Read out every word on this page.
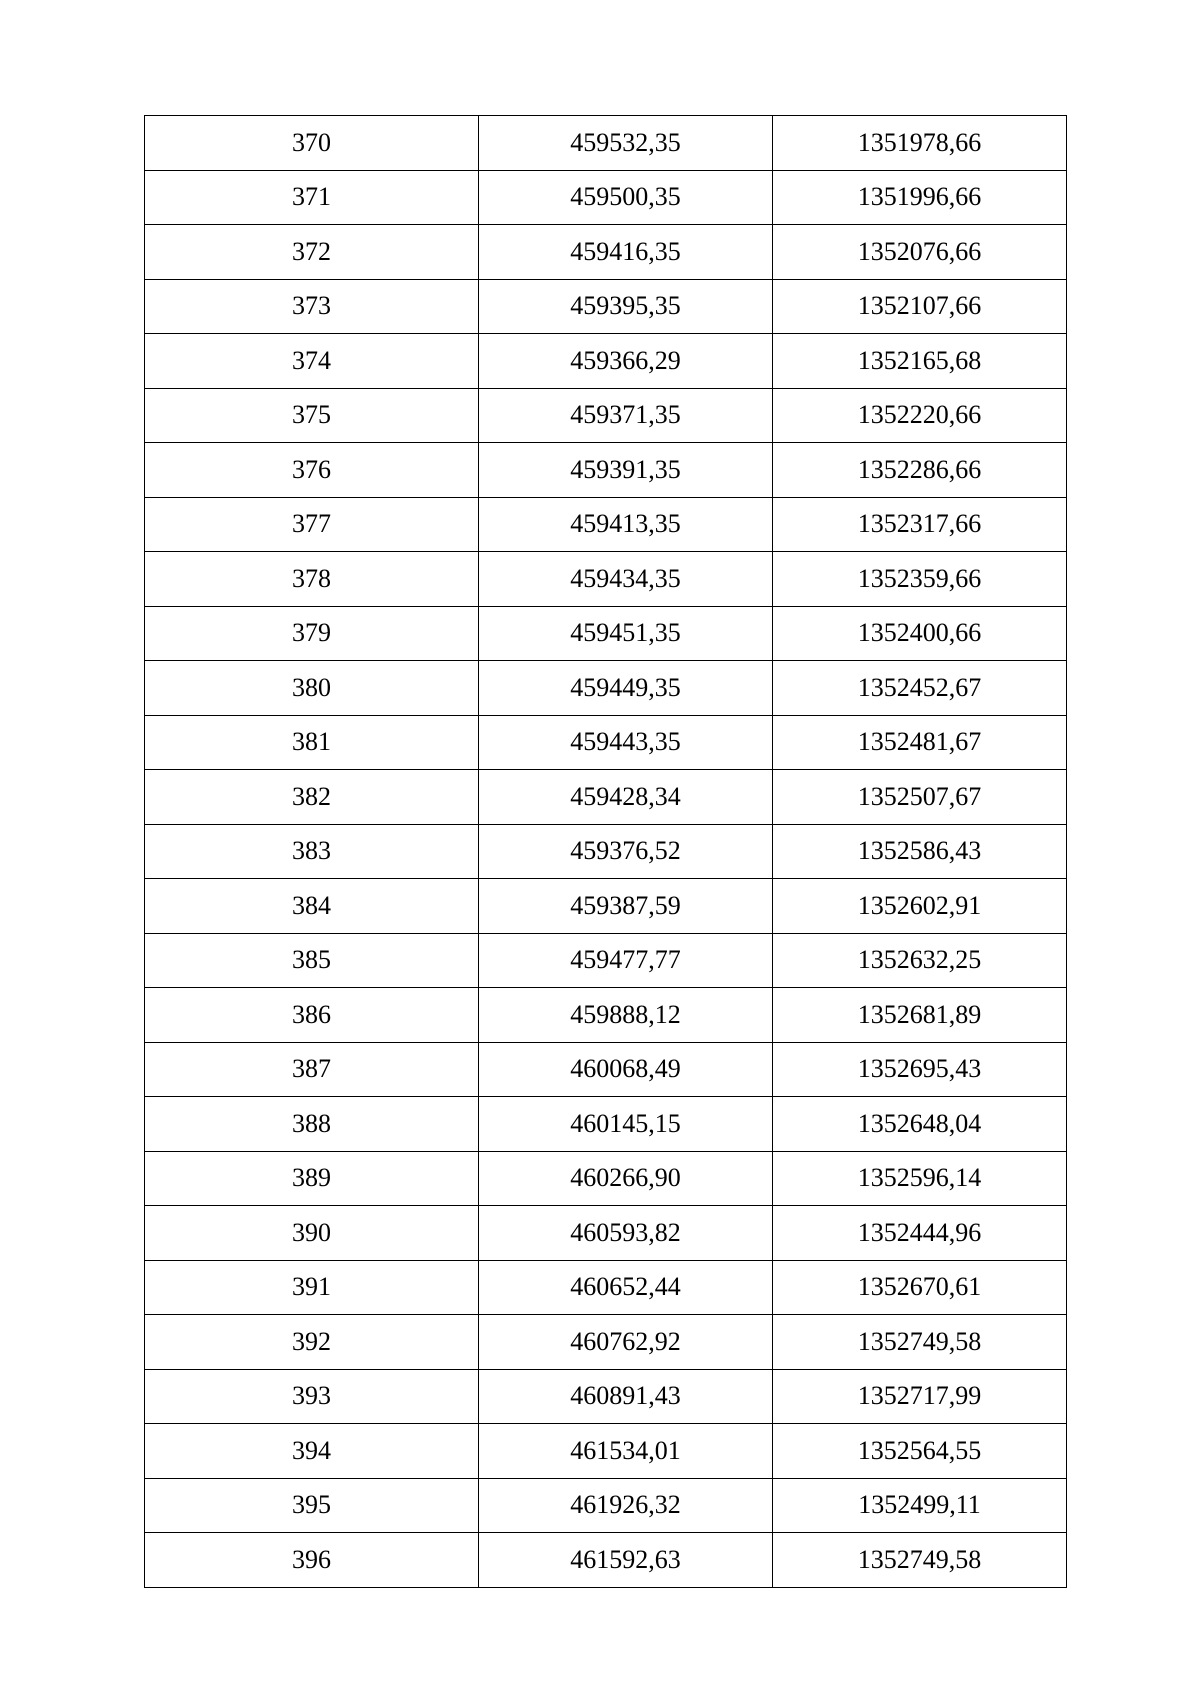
370	459532,35	1351978,66
371	459500,35	1351996,66
372	459416,35	1352076,66
373	459395,35	1352107,66
374	459366,29	1352165,68
375	459371,35	1352220,66
376	459391,35	1352286,66
377	459413,35	1352317,66
378	459434,35	1352359,66
379	459451,35	1352400,66
380	459449,35	1352452,67
381	459443,35	1352481,67
382	459428,34	1352507,67
383	459376,52	1352586,43
384	459387,59	1352602,91
385	459477,77	1352632,25
386	459888,12	1352681,89
387	460068,49	1352695,43
388	460145,15	1352648,04
389	460266,90	1352596,14
390	460593,82	1352444,96
391	460652,44	1352670,61
392	460762,92	1352749,58
393	460891,43	1352717,99
394	461534,01	1352564,55
395	461926,32	1352499,11
396	461592,63	1352749,58
